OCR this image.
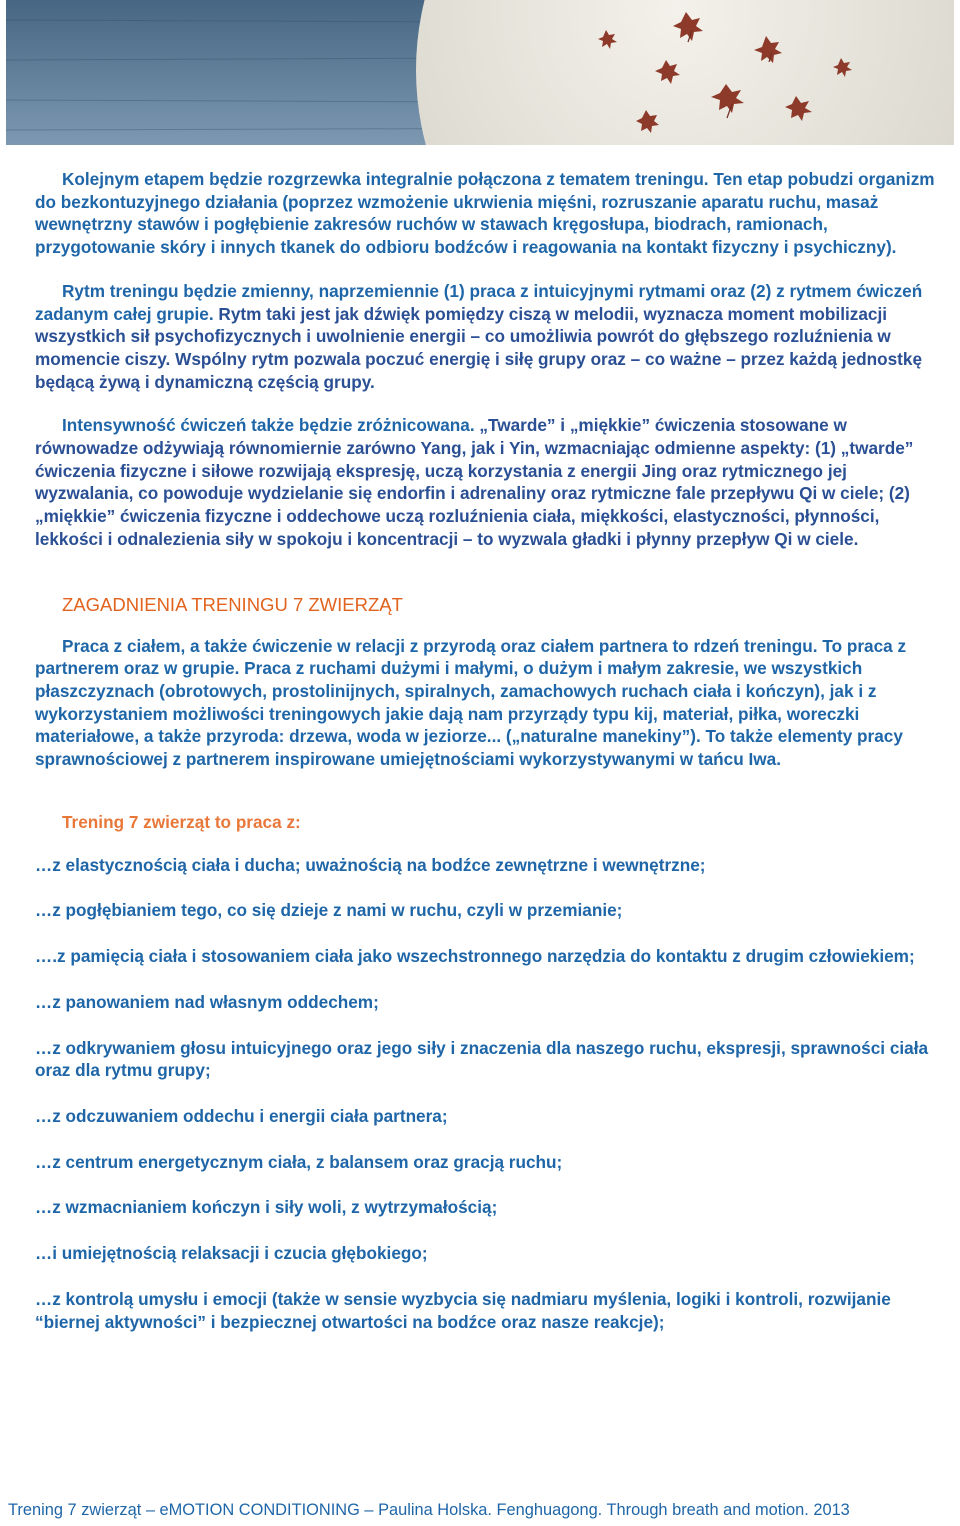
Kolejnym etapem będzie rozgrzewka integralnie połączona z tematem treningu. Ten etap pobudzi organizm do bezkontuzyjnego działania (poprzez wzmożenie ukrwienia mięśni, rozruszanie aparatu ruchu, masaż wewnętrzny stawów i pogłębienie zakresów ruchów w stawach kręgosłupa, biodrach, ramionach, przygotowanie skóry i innych tkanek do odbioru bodźców i reagowania na kontakt fizyczny i psychiczny).

Rytm treningu będzie zmienny, naprzemiennie (1) praca z intuicyjnymi rytmami oraz (2) z rytmem ćwiczeń zadanym całej grupie. Rytm taki jest jak dźwięk pomiędzy ciszą w melodii, wyznacza moment mobilizacji wszystkich sił psychofizycznych i uwolnienie energii – co umożliwia powrót do głębszego rozluźnienia w momencie ciszy. Wspólny rytm pozwala poczuć energię i siłę grupy oraz – co ważne – przez każdą jednostkę będącą żywą i dynamiczną częścią grupy.

Intensywność ćwiczeń także będzie zróżnicowana. „Twarde” i „miękkie” ćwiczenia stosowane w równowadze odżywiają równomiernie zarówno Yang, jak i Yin, wzmacniając odmienne aspekty: (1) „twarde” ćwiczenia fizyczne i siłowe rozwijają ekspresję, uczą korzystania z energii Jing oraz rytmicznego jej wyzwalania, co powoduje wydzielanie się endorfin i adrenaliny oraz rytmiczne fale przepływu Qi w ciele; (2) „miękkie” ćwiczenia fizyczne i oddechowe uczą rozluźnienia ciała, miękkości, elastyczności, płynności, lekkości i odnalezienia siły w spokoju i koncentracji – to wyzwala gładki i płynny przepływ Qi w ciele.

ZAGADNIENIA TRENINGU 7 ZWIERZĄT

Praca z ciałem, a także ćwiczenie w relacji z przyrodą oraz ciałem partnera to rdzeń treningu. To praca z partnerem oraz w grupie. Praca z ruchami dużymi i małymi, o dużym i małym zakresie, we wszystkich płaszczyznach (obrotowych, prostolinijnych, spiralnych, zamachowych ruchach ciała i kończyn), jak i z wykorzystaniem możliwości treningowych jakie dają nam przyrządy typu kij, materiał, piłka, woreczki materiałowe, a także przyroda: drzewa, woda w jeziorze... („naturalne manekiny”). To także elementy pracy sprawnościowej z partnerem inspirowane umiejętnościami wykorzystywanymi w tańcu Iwa.

Trening 7 zwierząt to praca z:

…z elastycznością ciała i ducha; uważnością na bodźce zewnętrzne i wewnętrzne;

…z pogłębianiem tego, co się dzieje z nami w ruchu, czyli w przemianie;

….z pamięcią ciała i stosowaniem ciała jako wszechstronnego narzędzia do kontaktu z drugim człowiekiem;

…z panowaniem nad własnym oddechem;

…z odkrywaniem głosu intuicyjnego oraz jego siły i znaczenia dla naszego ruchu, ekspresji, sprawności ciała oraz dla rytmu grupy;

…z odczuwaniem oddechu i energii ciała partnera;

…z centrum energetycznym ciała, z balansem oraz gracją ruchu;

…z wzmacnianiem kończyn i siły woli, z wytrzymałością;

…i umiejętnością relaksacji i czucia głębokiego;

…z kontrolą umysłu i emocji (także w sensie wyzbycia się nadmiaru myślenia, logiki i kontroli, rozwijanie “biernej aktywności” i bezpiecznej otwartości na bodźce oraz nasze reakcje);

Trening 7 zwierząt – eMOTION CONDITIONING – Paulina Holska. Fenghuagong. Through breath and motion. 2013
